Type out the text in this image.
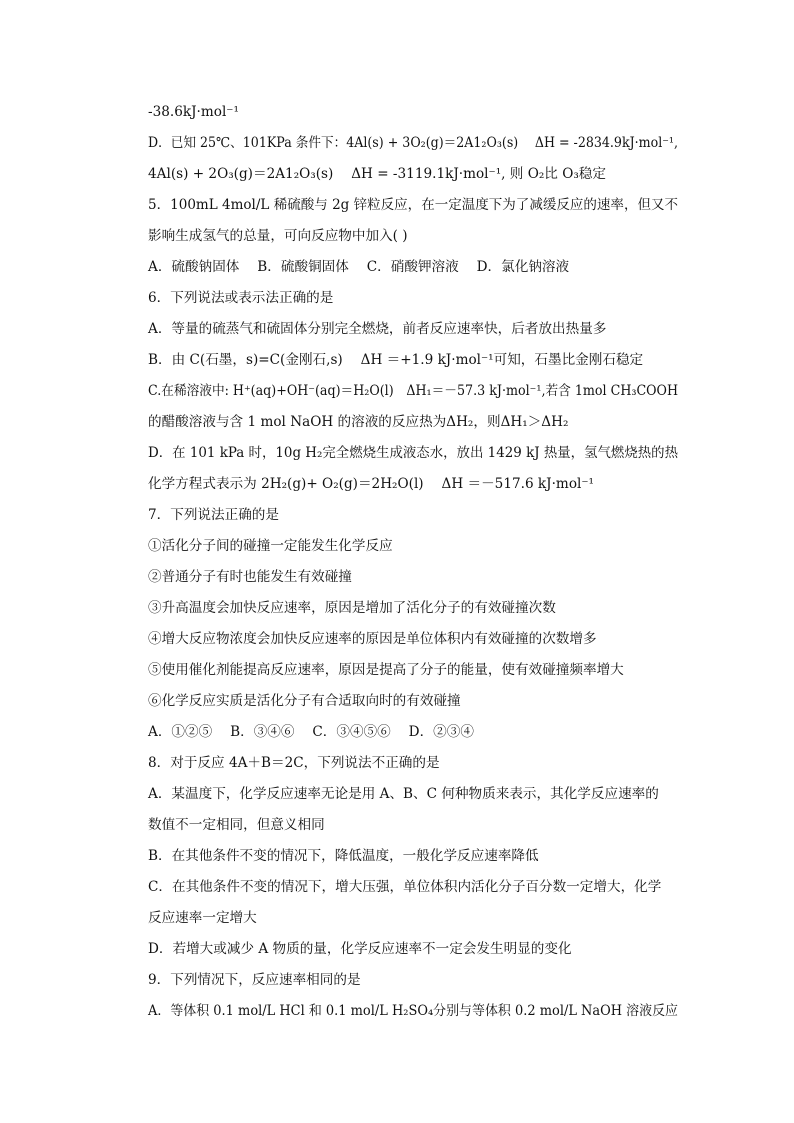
-38.6kJ·mol⁻¹
D．已知 25℃、101KPa 条件下：4Al(s) + 3O₂(g)＝2A1₂O₃(s)　 ΔH = -2834.9kJ·mol⁻¹,
4Al(s) + 2O₃(g)＝2A1₂O₃(s)　 ΔH = -3119.1kJ·mol⁻¹, 则 O₂比 O₃稳定
5．100mL 4mol/L 稀硫酸与 2g 锌粒反应，在一定温度下为了减缓反应的速率，但又不
影响生成氢气的总量，可向反应物中加入( )
A．硫酸钠固体　 B．硫酸铜固体　 C．硝酸钾溶液　 D．氯化钠溶液
6．下列说法或表示法正确的是
A．等量的硫蒸气和硫固体分别完全燃烧，前者反应速率快，后者放出热量多
B．由 C(石墨，s)=C(金刚石,s)　 ΔH ＝+1.9 kJ·mol⁻¹可知，石墨比金刚石稳定
C.在稀溶液中: H⁺(aq)+OH⁻(aq)＝H₂O(l)　ΔH₁＝－57.3 kJ·mol⁻¹,若含 1mol CH₃COOH
的醋酸溶液与含 1 mol NaOH 的溶液的反应热为ΔH₂，则ΔH₁＞ΔH₂
D．在 101 kPa 时，10g H₂完全燃烧生成液态水，放出 1429 kJ 热量，氢气燃烧热的热
化学方程式表示为 2H₂(g)+ O₂(g)＝2H₂O(l)　 ΔH ＝－517.6 kJ·mol⁻¹
7．下列说法正确的是
①活化分子间的碰撞一定能发生化学反应
②普通分子有时也能发生有效碰撞
③升高温度会加快反应速率，原因是增加了活化分子的有效碰撞次数
④增大反应物浓度会加快反应速率的原因是单位体积内有效碰撞的次数增多
⑤使用催化剂能提高反应速率，原因是提高了分子的能量，使有效碰撞频率增大
⑥化学反应实质是活化分子有合适取向时的有效碰撞
A．①②⑤　 B．③④⑥　 C．③④⑤⑥　 D．②③④
8．对于反应 4A＋B＝2C，下列说法不正确的是
A．某温度下，化学反应速率无论是用 A、B、C 何种物质来表示，其化学反应速率的
数值不一定相同，但意义相同
B．在其他条件不变的情况下，降低温度，一般化学反应速率降低
C．在其他条件不变的情况下，增大压强，单位体积内活化分子百分数一定增大，化学
反应速率一定增大
D．若增大或减少 A 物质的量，化学反应速率不一定会发生明显的变化
9．下列情况下，反应速率相同的是
A．等体积 0.1 mol/L HCl 和 0.1 mol/L H₂SO₄分别与等体积 0.2 mol/L NaOH 溶液反应
